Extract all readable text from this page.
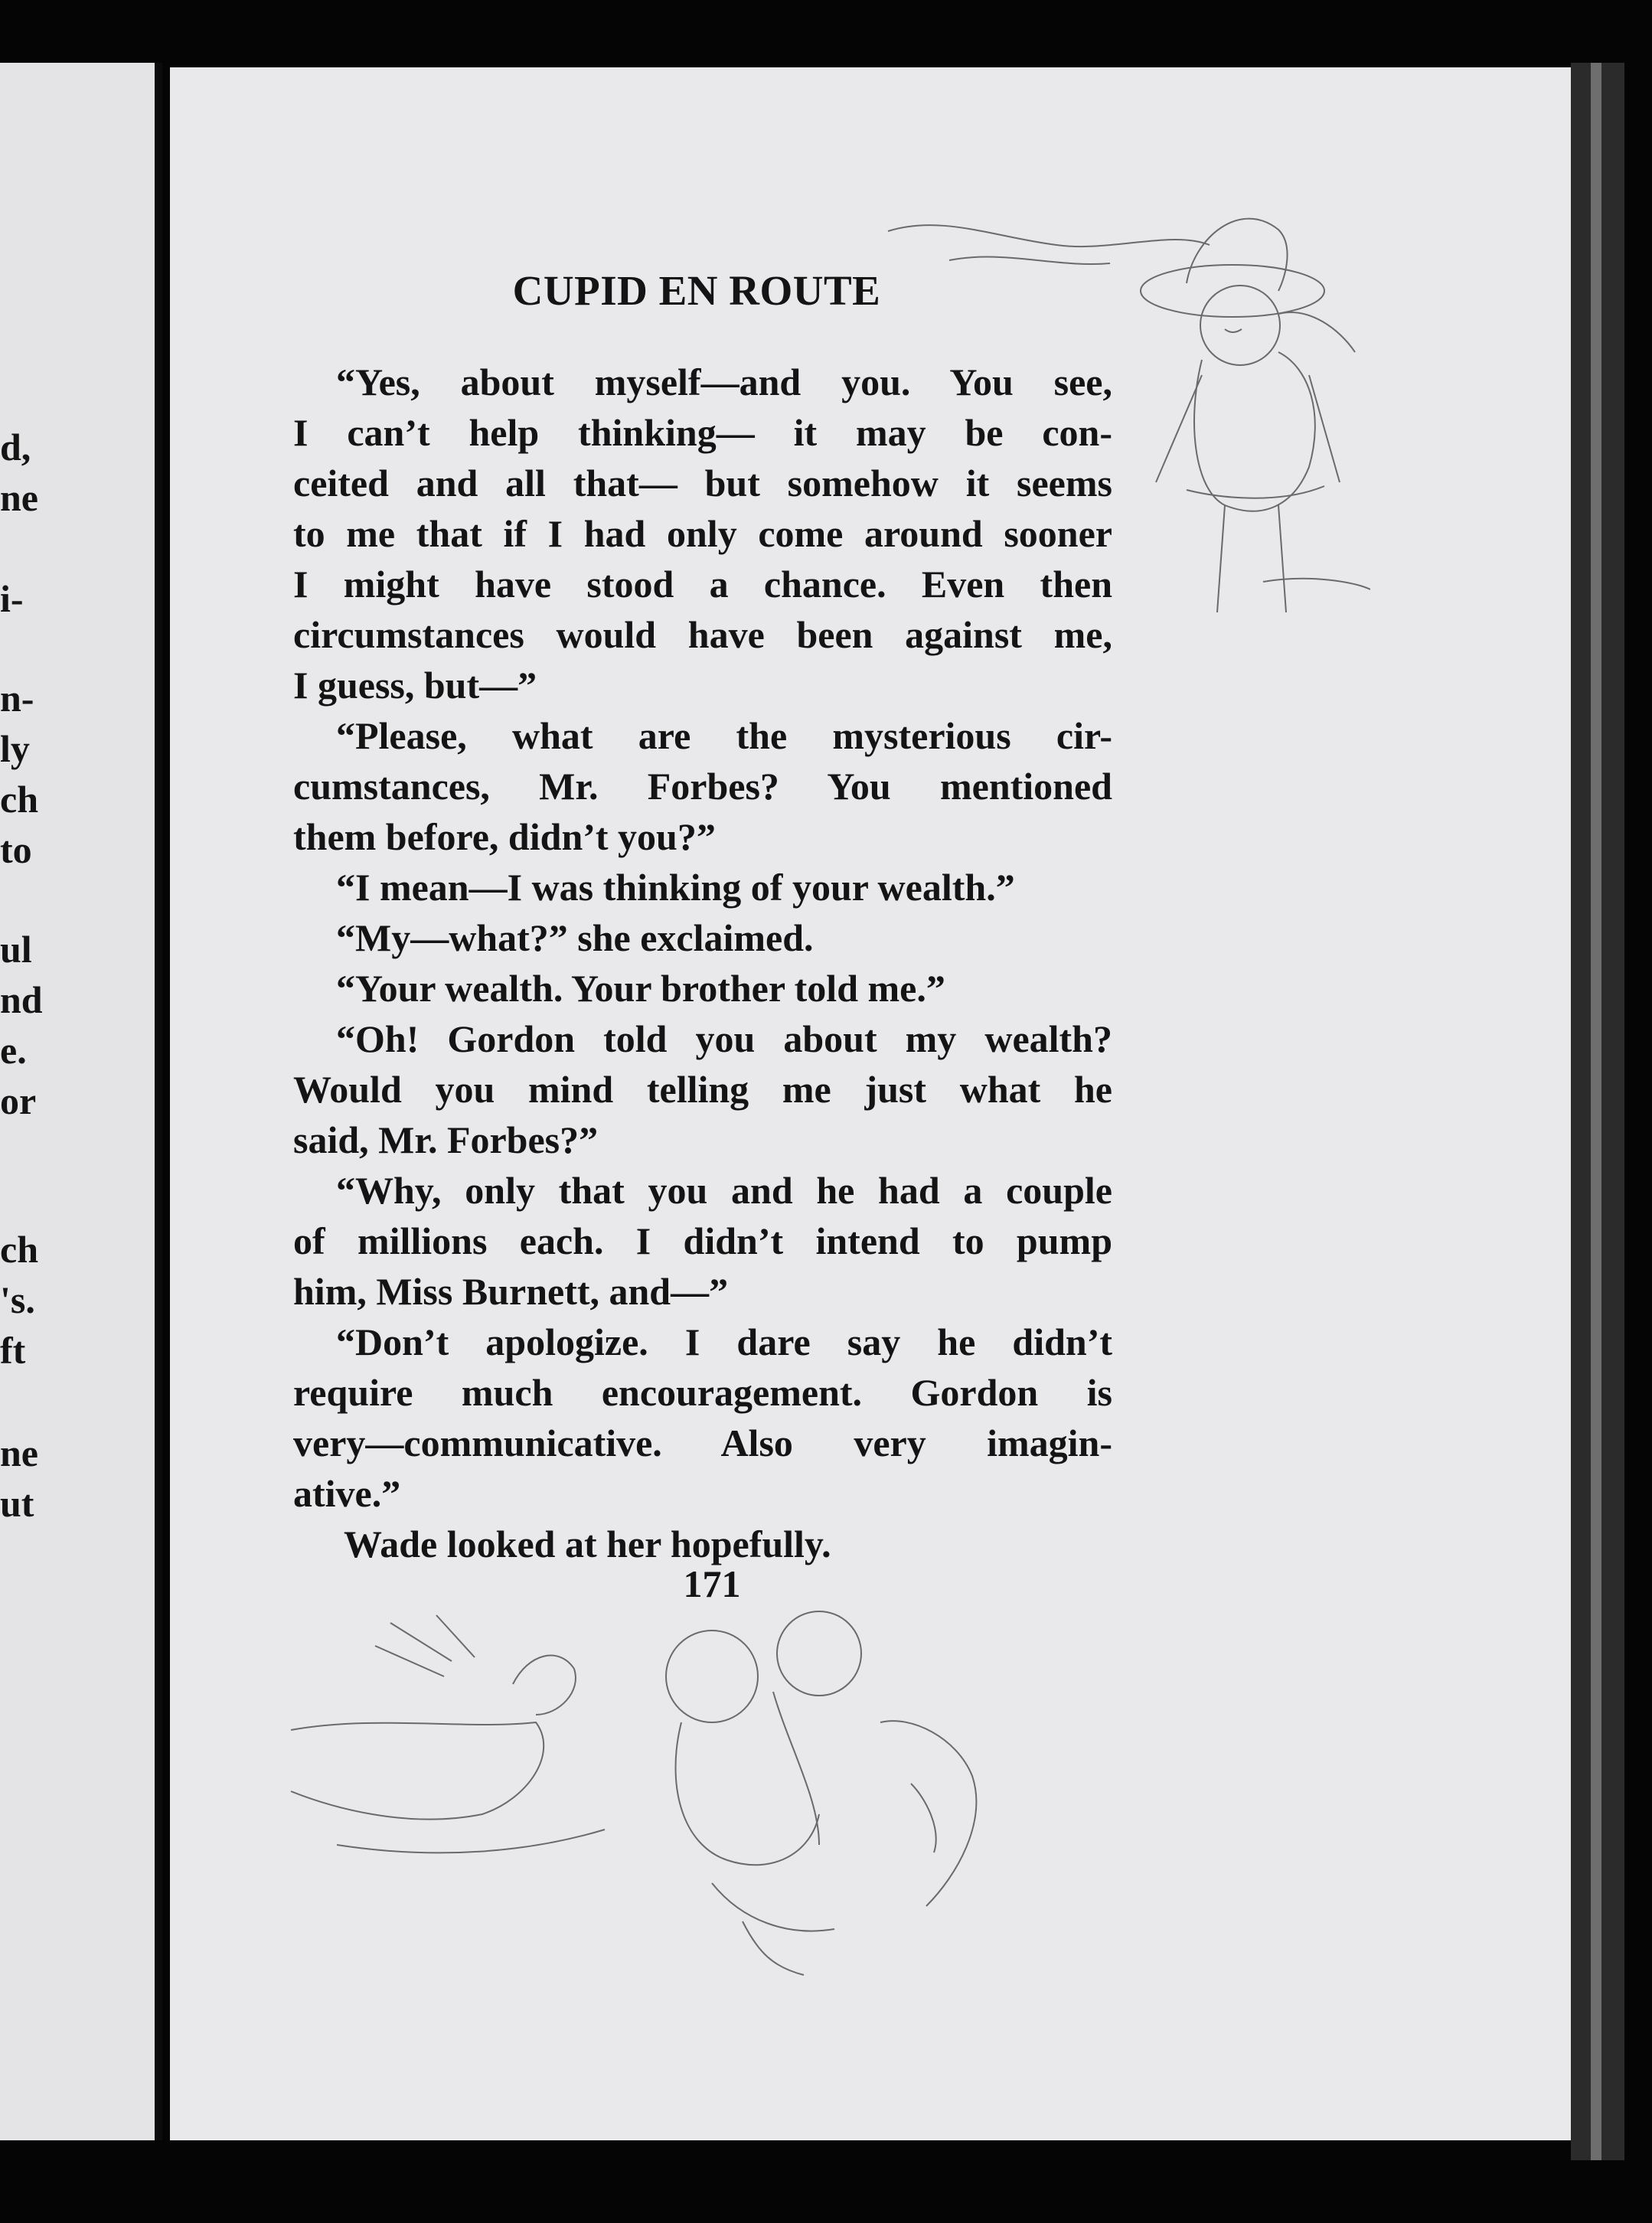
d,
ne
i-
n-
ly
ch
to
ul
nd
e.
or
ch
's.
ft
ne
ut
CUPID EN ROUTE
“Yes, about myself—and you. You see,
I can’t help thinking— it may be con-
ceited and all that— but somehow it seems
to me that if I had only come around sooner
I might have stood a chance. Even then
circumstances would have been against me,
I guess, but—”
“Please, what are the mysterious cir-
cumstances, Mr. Forbes? You mentioned
them before, didn’t you?”
“I mean—I was thinking of your wealth.”
“My—what?” she exclaimed.
“Your wealth. Your brother told me.”
“Oh! Gordon told you about my wealth?
Would you mind telling me just what he
said, Mr. Forbes?”
“Why, only that you and he had a couple
of millions each. I didn’t intend to pump
him, Miss Burnett, and—”
“Don’t apologize. I dare say he didn’t
require much encouragement. Gordon is
very—communicative. Also very imagin-
ative.”
Wade looked at her hopefully.
171
